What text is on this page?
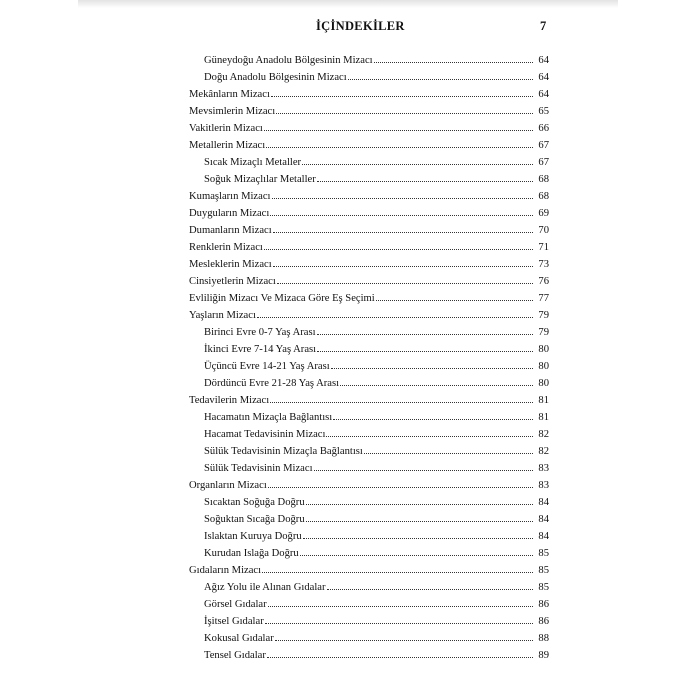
İÇİNDEKİLER	7
Güneydoğu Anadolu Bölgesinin Mizacı	64
Doğu Anadolu Bölgesinin Mizacı	64
Mekânların Mizacı	64
Mevsimlerin Mizacı	65
Vakitlerin Mizacı	66
Metallerin Mizacı	67
Sıcak Mizaçlı Metaller	67
Soğuk Mizaçlılar Metaller	68
Kumaşların Mizacı	68
Duyguların Mizacı	69
Dumanların Mizacı	70
Renklerin Mizacı	71
Mesleklerin Mizacı	73
Cinsiyetlerin Mizacı	76
Evliliğin Mizacı Ve Mizaca Göre Eş Seçimi	77
Yaşların Mizacı	79
Birinci Evre 0-7 Yaş Arası	79
İkinci Evre 7-14 Yaş Arası	80
Üçüncü Evre 14-21 Yaş Arası	80
Dördüncü Evre 21-28 Yaş Arası	80
Tedavilerin Mizacı	81
Hacamatın Mizaçla Bağlantısı	81
Hacamat Tedavisinin Mizacı	82
Sülük Tedavisinin Mizaçla Bağlantısı	82
Sülük Tedavisinin Mizacı	83
Organların Mizacı	83
Sıcaktan Soğuğa Doğru	84
Soğuktan Sıcağa Doğru	84
Islaktan Kuruya Doğru	84
Kurudan Islağa Doğru	85
Gıdaların Mizacı	85
Ağız Yolu ile Alınan Gıdalar	85
Görsel Gıdalar	86
İşitsel Gıdalar	86
Kokusal Gıdalar	88
Tensel Gıdalar	89
